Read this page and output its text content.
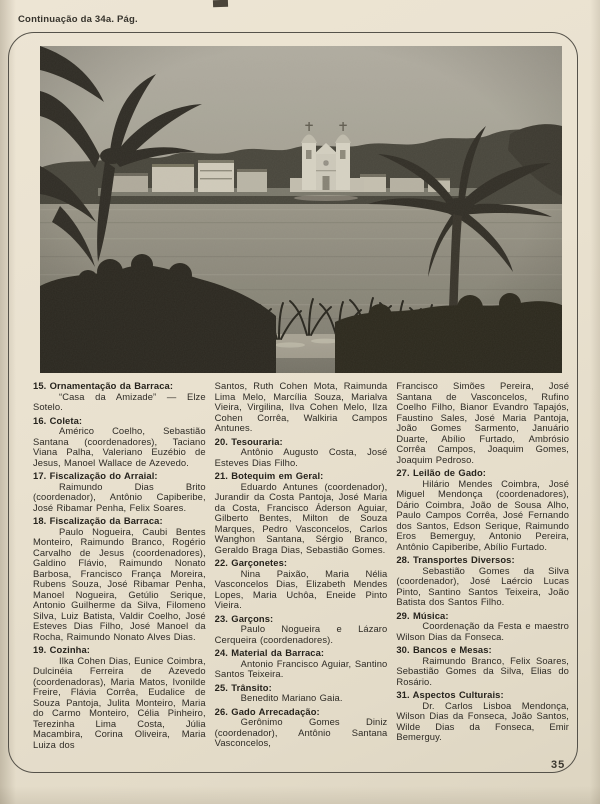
Continuação da 34a. Pág.
15. Ornamentação da Barraca:

“Casa da Amizade” — Elze Sotelo.

16. Coleta:

Américo Coelho, Sebastião Santana (coordenadores), Taciano Viana Palha, Valeriano Euzébio de Jesus, Manoel Wallace de Azevedo.

17. Fiscalização do Arraial:

Raimundo Dias Brito (coordenador), Antônio Capiberibe, José Ribamar Penha, Felix Soares.

18. Fiscalização da Barraca:

Paulo Nogueira, Caubi Bentes Monteiro, Raimundo Branco, Rogério Carvalho de Jesus (coordenadores), Galdino Flávio, Raimundo Nonato Barbosa, Francisco França Moreira, Rubens Souza, José Ribamar Penha, Manoel Nogueira, Getúlio Serique, Antonio Guilherme da Silva, Filomeno Silva, Luiz Batista, Valdir Coelho, José Esteves Dias Filho, José Manoel da Rocha, Raimundo Nonato Alves Dias.

19. Cozinha:

Ilka Cohen Dias, Eunice Coimbra, Dulcinéia Ferreira de Azevedo (coordenadoras), Maria Matos, Ivonilde Freire, Flávia Corrêa, Eudalice de Souza Pantoja, Julita Monteiro, Maria do Carmo Monteiro, Célia Pinheiro, Terezinha Lima Costa, Júlia Macambira, Corina Oliveira, Maria Luiza dos

Santos, Ruth Cohen Mota, Raimunda Lima Melo, Marcília Souza, Marialva Vieira, Virgilina, Ilva Cohen Melo, Ilza Cohen Corrêa, Walkiria Campos Antunes.

20. Tesouraria:

Antônio Augusto Costa, José Esteves Dias Filho.

21. Botequim em Geral:

Eduardo Antunes (coordenador), Jurandir da Costa Pantoja, José Maria da Costa, Francisco Áderson Aguiar, Gilberto Bentes, Milton de Souza Marques, Pedro Vasconcelos, Carlos Wanghon Santana, Sérgio Branco, Geraldo Braga Dias, Sebastião Gomes.

22. Garçonetes:

Nina Paixão, Maria Nélia Vasconcelos Dias, Elizabeth Mendes Lopes, Maria Uchôa, Eneide Pinto Vieira.

23. Garçons:

Paulo Nogueira e Lázaro Cerqueira (coordenadores).

24. Material da Barraca:

Antonio Francisco Aguiar, Santino Santos Teixeira.

25. Trânsito:

Benedito Mariano Gaia.

26. Gado Arrecadação:

Gerônimo Gomes Diniz (coordenador), Antônio Santana Vasconcelos,

Francisco Simões Pereira, José Santana de Vasconcelos, Rufino Coelho Filho, Bianor Evandro Tapajós, Faustino Sales, José Maria Pantoja, João Gomes Sarmento, Januário Duarte, Abílio Furtado, Ambrósio Corrêa Campos, Joaquim Gomes, Joaquim Pedroso.

27. Leilão de Gado:

Hilário Mendes Coimbra, José Miguel Mendonça (coordenadores), Dário Coimbra, João de Sousa Alho, Paulo Campos Corrêa, José Fernando dos Santos, Edson Serique, Raimundo Eros Bemerguy, Antonio Pereira, Antônio Capiberibe, Abílio Furtado.

28. Transportes Diversos:

Sebastião Gomes da Silva (coordenador), José Laércio Lucas Pinto, Santino Santos Teixeira, João Batista dos Santos Filho.

29. Música:

Coordenação da Festa e maestro Wilson Dias da Fonseca.

30. Bancos e Mesas:

Raimundo Branco, Felix Soares, Sebastião Gomes da Silva, Elias do Rosário.

31. Aspectos Culturais:

Dr. Carlos Lisboa Mendonça, Wilson Dias da Fonseca, João Santos, Wilde Dias da Fonseca, Emir Bemerguy.

35
